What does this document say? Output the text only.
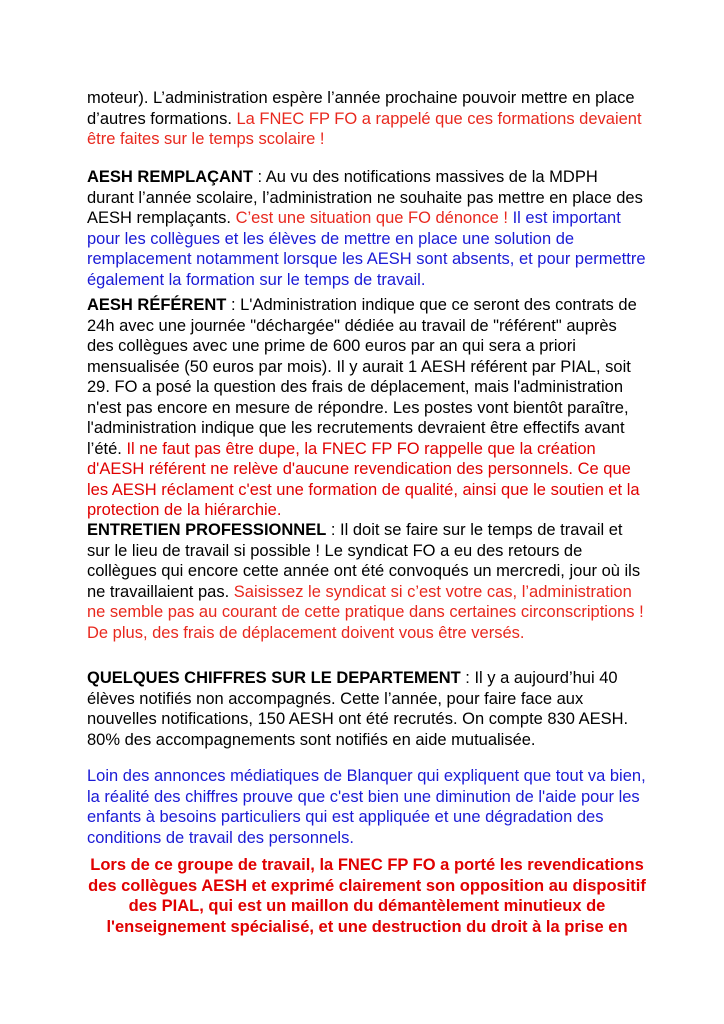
moteur). L’administration espère l’année prochaine pouvoir mettre en place d’autres formations. La FNEC FP FO a rappelé que ces formations devaient être faites sur le temps scolaire !

AESH REMPLAÇANT : Au vu des notifications massives de la MDPH durant l’année scolaire, l’administration ne souhaite pas mettre en place des AESH remplaçants. C’est une situation que FO dénonce ! Il est important pour les collègues et les élèves de mettre en place une solution de remplacement notamment lorsque les AESH sont absents, et pour permettre également la formation sur le temps de travail.

AESH RÉFÉRENT : L'Administration indique que ce seront des contrats de 24h avec une journée "déchargée" dédiée au travail de "référent" auprès des collègues avec une prime de 600 euros par an qui sera a priori mensualisée (50 euros par mois). Il y aurait 1 AESH référent par PIAL, soit 29. FO a posé la question des frais de déplacement, mais l'administration n'est pas encore en mesure de répondre. Les postes vont bientôt paraître, l'administration indique que les recrutements devraient être effectifs avant l’été. Il ne faut pas être dupe, la FNEC FP FO rappelle que la création d'AESH référent ne relève d'aucune revendication des personnels. Ce que les AESH réclament c'est une formation de qualité, ainsi que le soutien et la protection de la hiérarchie.

ENTRETIEN PROFESSIONNEL : Il doit se faire sur le temps de travail et sur le lieu de travail si possible ! Le syndicat FO a eu des retours de collègues qui encore cette année ont été convoqués un mercredi, jour où ils ne travaillaient pas. Saisissez le syndicat si c’est votre cas, l’administration ne semble pas au courant de cette pratique dans certaines circonscriptions ! De plus, des frais de déplacement doivent vous être versés.

QUELQUES CHIFFRES SUR LE DEPARTEMENT : Il y a aujourd’hui 40 élèves notifiés non accompagnés. Cette l’année, pour faire face aux nouvelles notifications, 150 AESH ont été recrutés. On compte 830 AESH. 80% des accompagnements sont notifiés en aide mutualisée.

Loin des annonces médiatiques de Blanquer qui expliquent que tout va bien, la réalité des chiffres prouve que c'est bien une diminution de l'aide pour les enfants à besoins particuliers qui est appliquée et une dégradation des conditions de travail des personnels.

Lors de ce groupe de travail, la FNEC FP FO a porté les revendications des collègues AESH et exprimé clairement son opposition au dispositif des PIAL, qui est un maillon du démantèlement minutieux de l'enseignement spécialisé, et une destruction du droit à la prise en
